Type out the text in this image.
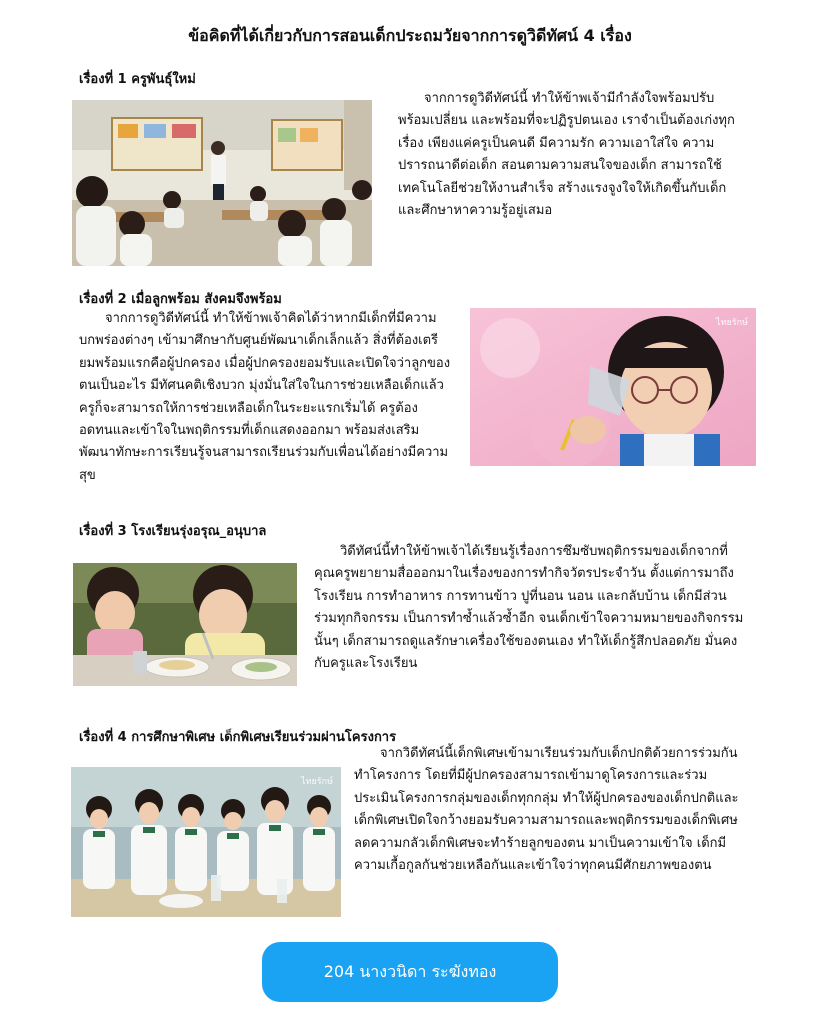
ข้อคิดที่ได้เกี่ยวกับการสอนเด็กประถมวัยจากการดูวิดีทัศน์ 4 เรื่อง
เรื่องที่ 1 ครูพันธุ์ใหม่
จากการดูวิดีทัศน์นี้ ทำให้ข้าพเจ้ามีกำลังใจพร้อมปรับ พร้อมเปลี่ยน และพร้อมที่จะปฏิรูปตนเอง เราจำเป็นต้องเก่งทุกเรื่อง เพียงแค่ครูเป็นคนดี มีความรัก ความเอาใส่ใจ ความปรารถนาดีต่อเด็ก สอนตามความสนใจของเด็ก สามารถใช้เทคโนโลยีช่วยให้งานสำเร็จ สร้างแรงจูงใจให้เกิดขึ้นกับเด็ก และศึกษาหาความรู้อยู่เสมอ
เรื่องที่ 2 เมื่อลูกพร้อม สังคมจึงพร้อม
จากการดูวิดีทัศน์นี้ ทำให้ข้าพเจ้าคิดได้ว่าหากมีเด็กที่มีความบกพร่องต่างๆ เข้ามาศึกษากับศูนย์พัฒนาเด็กเล็กแล้ว สิ่งที่ต้องเตรียมพร้อมแรกคือผู้ปกครอง เมื่อผู้ปกครองยอมรับและเปิดใจว่าลูกของตนเป็นอะไร มีทัศนคติเชิงบวก มุ่งมั่นใส่ใจในการช่วยเหลือเด็กแล้ว ครูก็จะสามารถให้การช่วยเหลือเด็กในระยะแรกเริ่มได้ ครูต้องอดทนและเข้าใจในพฤติกรรมที่เด็กแสดงออกมา พร้อมส่งเสริมพัฒนาทักษะการเรียนรู้จนสามารถเรียนร่วมกับเพื่อนได้อย่างมีความสุข
ไทยรักษ์
เรื่องที่ 3 โรงเรียนรุ่งอรุณ_อนุบาล
วิดีทัศน์นี้ทำให้ข้าพเจ้าได้เรียนรู้เรื่องการซึมซับพฤติกรรมของเด็กจากที่คุณครูพยายามสื่อออกมาในเรื่องของการทำกิจวัตรประจำวัน ตั้งแต่การมาถึงโรงเรียน การทำอาหาร การทานข้าว ปูที่นอน นอน และกลับบ้าน เด็กมีส่วนร่วมทุกกิจกรรม เป็นการทำซ้ำแล้วซ้ำอีก จนเด็กเข้าใจความหมายของกิจกรรมนั้นๆ เด็กสามารถดูแลรักษาเครื่องใช้ของตนเอง ทำให้เด็กรู้สึกปลอดภัย มั่นคงกับครูและโรงเรียน
เรื่องที่ 4 การศึกษาพิเศษ เด็กพิเศษเรียนร่วมผ่านโครงการ
ไทยรักษ์
จากวิดีทัศน์นี้เด็กพิเศษเข้ามาเรียนร่วมกับเด็กปกติด้วยการร่วมกันทำโครงการ โดยที่มีผู้ปกครองสามารถเข้ามาดูโครงการและร่วมประเมินโครงการกลุ่มของเด็กทุกกลุ่ม ทำให้ผู้ปกครองของเด็กปกติและเด็กพิเศษเปิดใจกว้างยอมรับความสามารถและพฤติกรรมของเด็กพิเศษ ลดความกลัวเด็กพิเศษจะทำร้ายลูกของตน มาเป็นความเข้าใจ เด็กมีความเกื้อกูลกันช่วยเหลือกันและเข้าใจว่าทุกคนมีศักยภาพของตน
204 นางวนิดา ระฆังทอง
